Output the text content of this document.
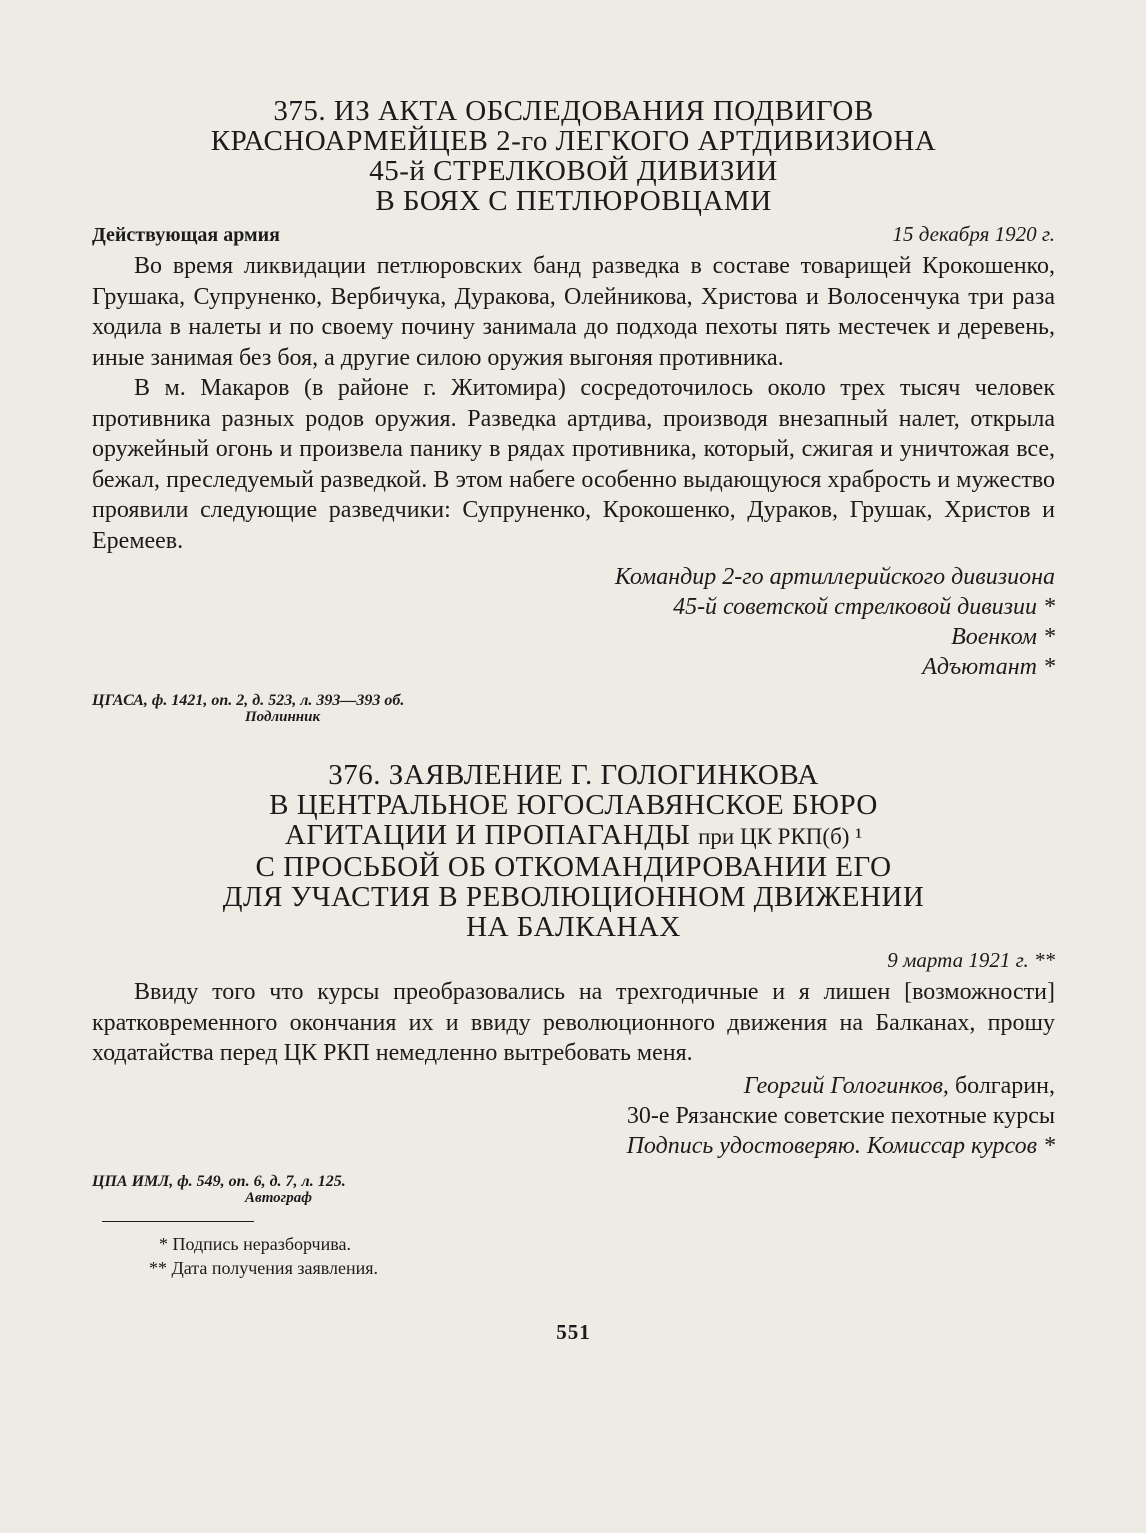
375. ИЗ АКТА ОБСЛЕДОВАНИЯ ПОДВИГОВ
КРАСНОАРМЕЙЦЕВ 2-го ЛЕГКОГО АРТДИВИЗИОНА
45-й СТРЕЛКОВОЙ ДИВИЗИИ
В БОЯХ С ПЕТЛЮРОВЦАМИ
Действующая армия	15 декабря 1920 г.

Во время ликвидации петлюровских банд разведка в составе товарищей Крокошенко, Грушака, Супруненко, Вербичука, Дуракова, Олейникова, Христова и Волосенчука три раза ходила в налеты и по своему почину занимала до подхода пехоты пять местечек и деревень, иные занимая без боя, а другие силою оружия выгоняя противника.

В м. Макаров (в районе г. Житомира) сосредоточилось около трех тысяч человек противника разных родов оружия. Разведка артдива, производя внезапный налет, открыла оружейный огонь и произвела панику в рядах противника, который, сжигая и уничтожая все, бежал, преследуемый разведкой. В этом набеге особенно выдающуюся храбрость и мужество проявили следующие разведчики: Супруненко, Крокошенко, Дураков, Грушак, Христов и Еремеев.

Командир 2-го артиллерийского дивизиона
45-й советской стрелковой дивизии *
Военком *
Адъютант *
ЦГАСА, ф. 1421, оп. 2, д. 523, л. 393—393 об.
Подлинник
376. ЗАЯВЛЕНИЕ Г. ГОЛОГИНКОВА
В ЦЕНТРАЛЬНОЕ ЮГОСЛАВЯНСКОЕ БЮРО
АГИТАЦИИ И ПРОПАГАНДЫ при ЦК РКП(б) ¹
С ПРОСЬБОЙ ОБ ОТКОМАНДИРОВАНИИ ЕГО
ДЛЯ УЧАСТИЯ В РЕВОЛЮЦИОННОМ ДВИЖЕНИИ
НА БАЛКАНАХ
9 марта 1921 г. **

Ввиду того что курсы преобразовались на трехгодичные и я лишен [возможности] кратковременного окончания их и ввиду революционного движения на Балканах, прошу ходатайства перед ЦК РКП немедленно вытребовать меня.

Георгий Гологинков, болгарин,
30-е Рязанские советские пехотные курсы
Подпись удостоверяю. Комиссар курсов *
ЦПА ИМЛ, ф. 549, оп. 6, д. 7, л. 125.
Автограф
* Подпись неразборчива.
** Дата получения заявления.
551
